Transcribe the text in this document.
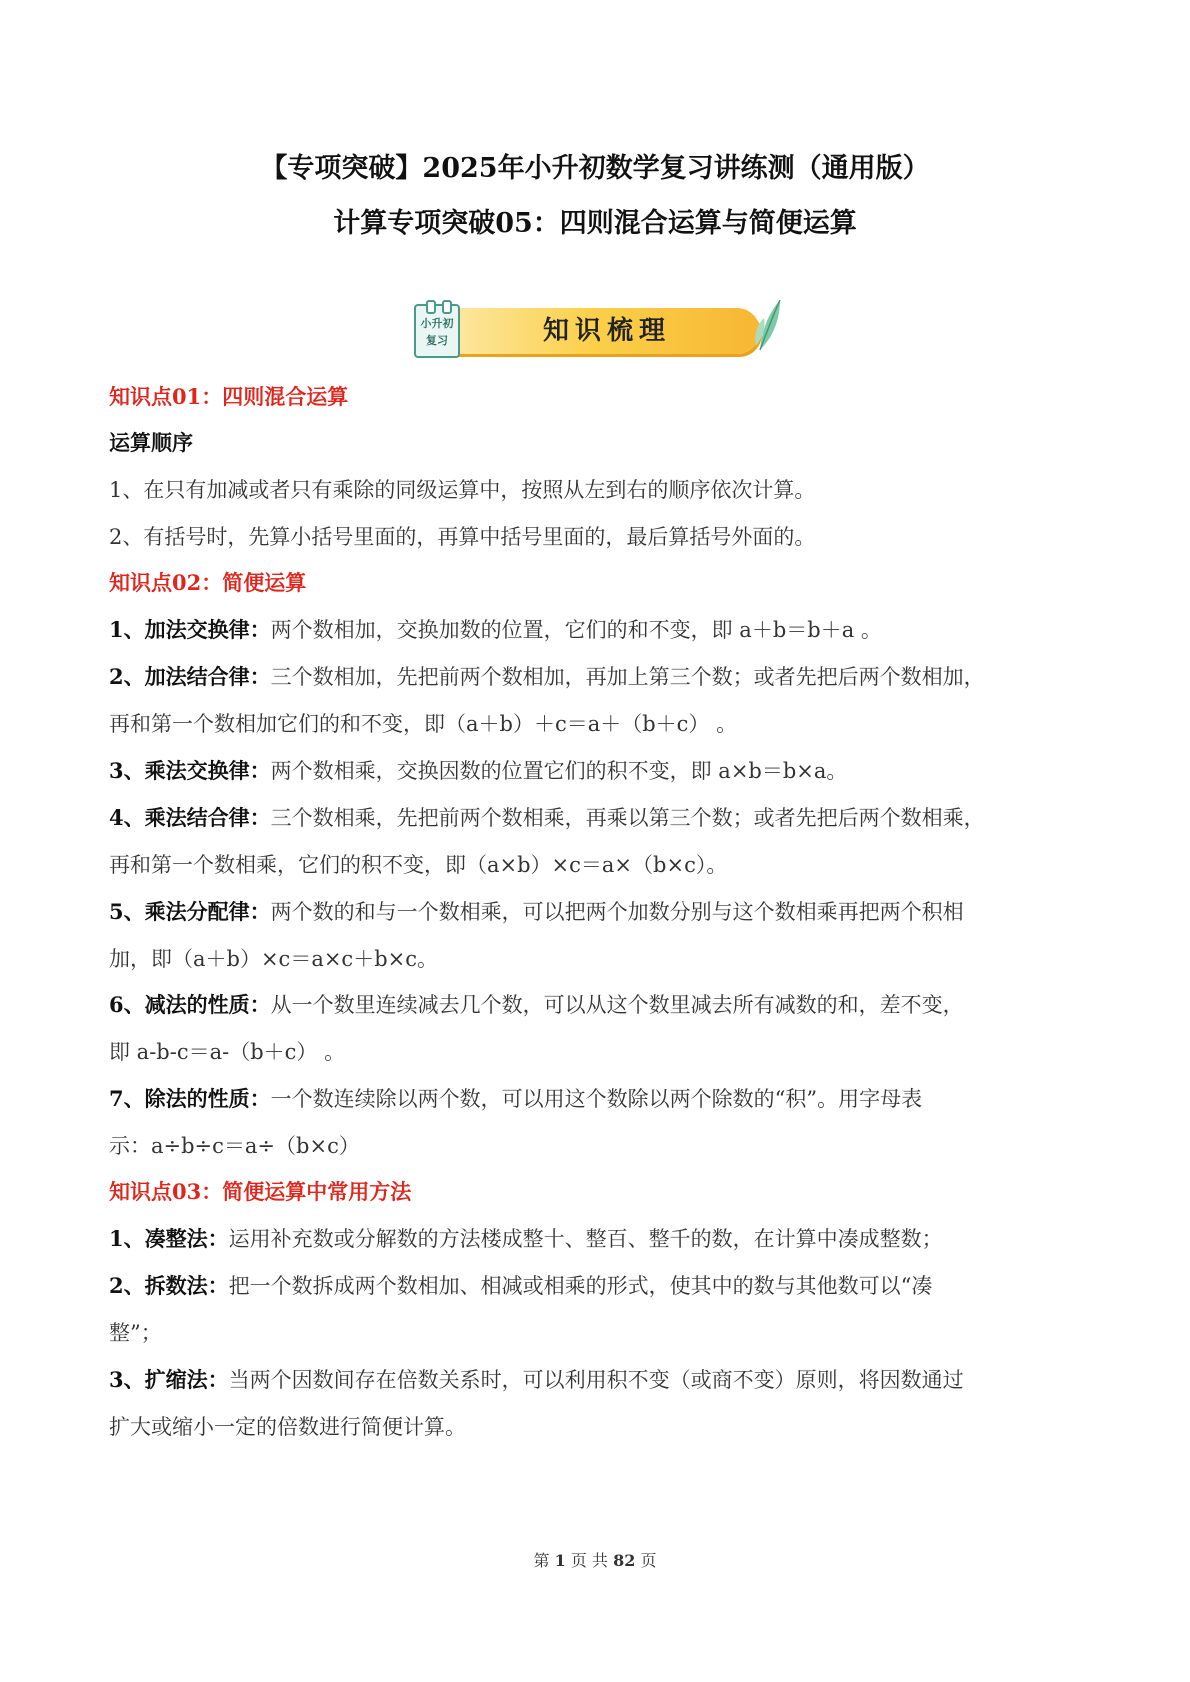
【专项突破】2025年小升初数学复习讲练测（通用版）
计算专项突破05：四则混合运算与简便运算
知识梳理
小升初
复习
知识点01：四则混合运算
运算顺序
1、在只有加减或者只有乘除的同级运算中，按照从左到右的顺序依次计算。
2、有括号时，先算小括号里面的，再算中括号里面的，最后算括号外面的。
知识点02：简便运算
1、加法交换律：两个数相加，交换加数的位置，它们的和不变，即 a＋b＝b＋a 。
2、加法结合律：三个数相加，先把前两个数相加，再加上第三个数；或者先把后两个数相加，
再和第一个数相加它们的和不变，即（a＋b）＋c＝a＋（b＋c） 。
3、乘法交换律：两个数相乘，交换因数的位置它们的积不变，即 a×b＝b×a。
4、乘法结合律：三个数相乘，先把前两个数相乘，再乘以第三个数；或者先把后两个数相乘，
再和第一个数相乘，它们的积不变，即（a×b）×c＝a×（b×c）。
5、乘法分配律：两个数的和与一个数相乘，可以把两个加数分别与这个数相乘再把两个积相
加，即（a＋b）×c＝a×c＋b×c。
6、减法的性质：从一个数里连续减去几个数，可以从这个数里减去所有减数的和，差不变，
即 a-b-c＝a-（b＋c） 。
7、除法的性质：一个数连续除以两个数，可以用这个数除以两个除数的“积”。用字母表
示：a÷b÷c＝a÷（b×c）
知识点03：简便运算中常用方法
1、凑整法：运用补充数或分解数的方法楼成整十、整百、整千的数，在计算中凑成整数；
2、拆数法：把一个数拆成两个数相加、相减或相乘的形式，使其中的数与其他数可以“凑
整”；
3、扩缩法：当两个因数间存在倍数关系时，可以利用积不变（或商不变）原则，将因数通过
扩大或缩小一定的倍数进行简便计算。
第 1 页 共 82 页
